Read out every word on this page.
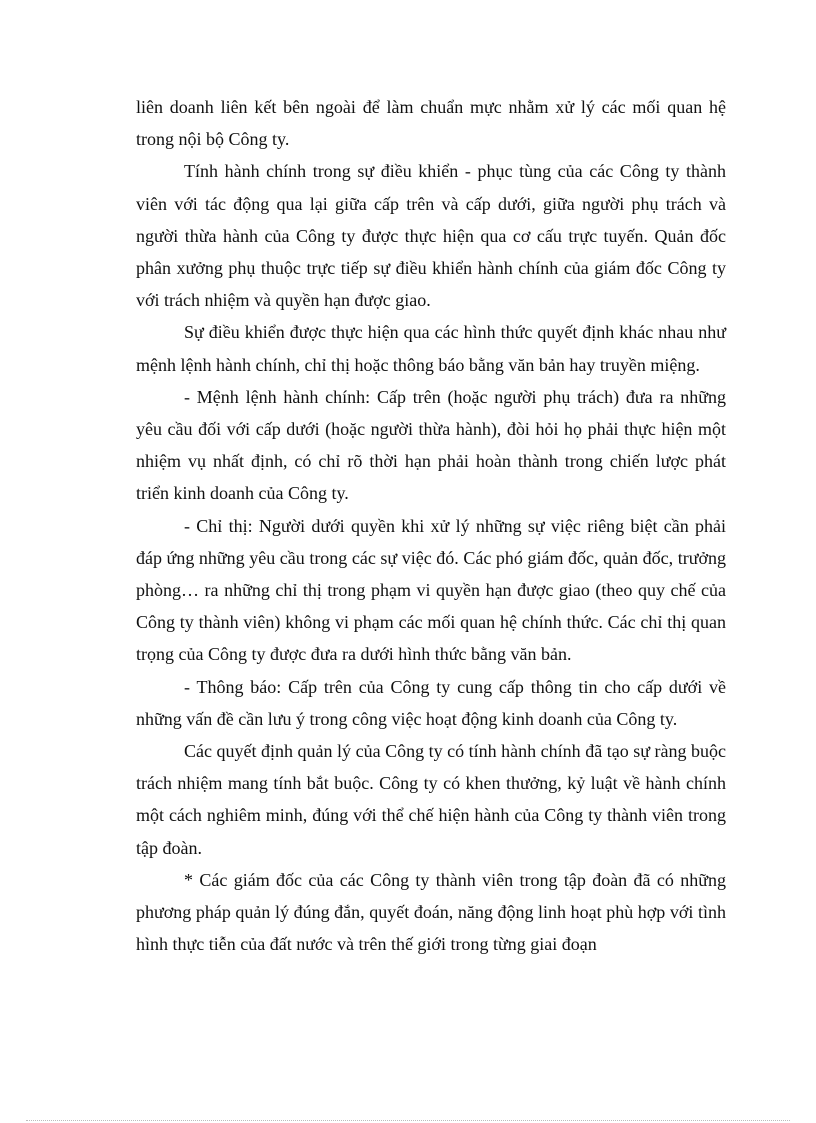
liên doanh liên kết bên ngoài để làm chuẩn mực nhằm xử lý các mối quan hệ trong nội bộ Công ty.

Tính hành chính trong sự điều khiển - phục tùng của các Công ty thành viên với tác động qua lại giữa cấp trên và cấp dưới, giữa người phụ trách và người thừa hành của Công ty được thực hiện qua cơ cấu trực tuyến. Quản đốc phân xưởng phụ thuộc trực tiếp sự điều khiển hành chính của giám đốc Công ty với trách nhiệm và quyền hạn được giao.

Sự điều khiển được thực hiện qua các hình thức quyết định khác nhau như mệnh lệnh hành chính, chỉ thị hoặc thông báo bằng văn bản hay truyền miệng.

- Mệnh lệnh hành chính: Cấp trên (hoặc người phụ trách) đưa ra những yêu cầu đối với cấp dưới (hoặc người thừa hành), đòi hỏi họ phải thực hiện một nhiệm vụ nhất định, có chỉ rõ thời hạn phải hoàn thành trong chiến lược phát triển kinh doanh của Công ty.

- Chỉ thị: Người dưới quyền khi xử lý những sự việc riêng biệt cần phải đáp ứng những yêu cầu trong các sự việc đó. Các phó giám đốc, quản đốc, trưởng phòng… ra những chỉ thị trong phạm vi quyền hạn được giao (theo quy chế của Công ty thành viên) không vi phạm các mối quan hệ chính thức. Các chỉ thị quan trọng của Công ty được đưa ra dưới hình thức bằng văn bản.

- Thông báo: Cấp trên của Công ty cung cấp thông tin cho cấp dưới về những vấn đề cần lưu ý trong công việc hoạt động kinh doanh của Công ty.

Các quyết định quản lý của Công ty có tính hành chính đã tạo sự ràng buộc trách nhiệm mang tính bắt buộc. Công ty có khen thưởng, kỷ luật về hành chính một cách nghiêm minh, đúng với thể chế hiện hành của Công ty thành viên trong tập đoàn.

* Các giám đốc của các Công ty thành viên trong tập đoàn đã có những phương pháp quản lý đúng đắn, quyết đoán, năng động linh hoạt phù hợp với tình hình thực tiễn của đất nước và trên thế giới trong từng giai đoạn
